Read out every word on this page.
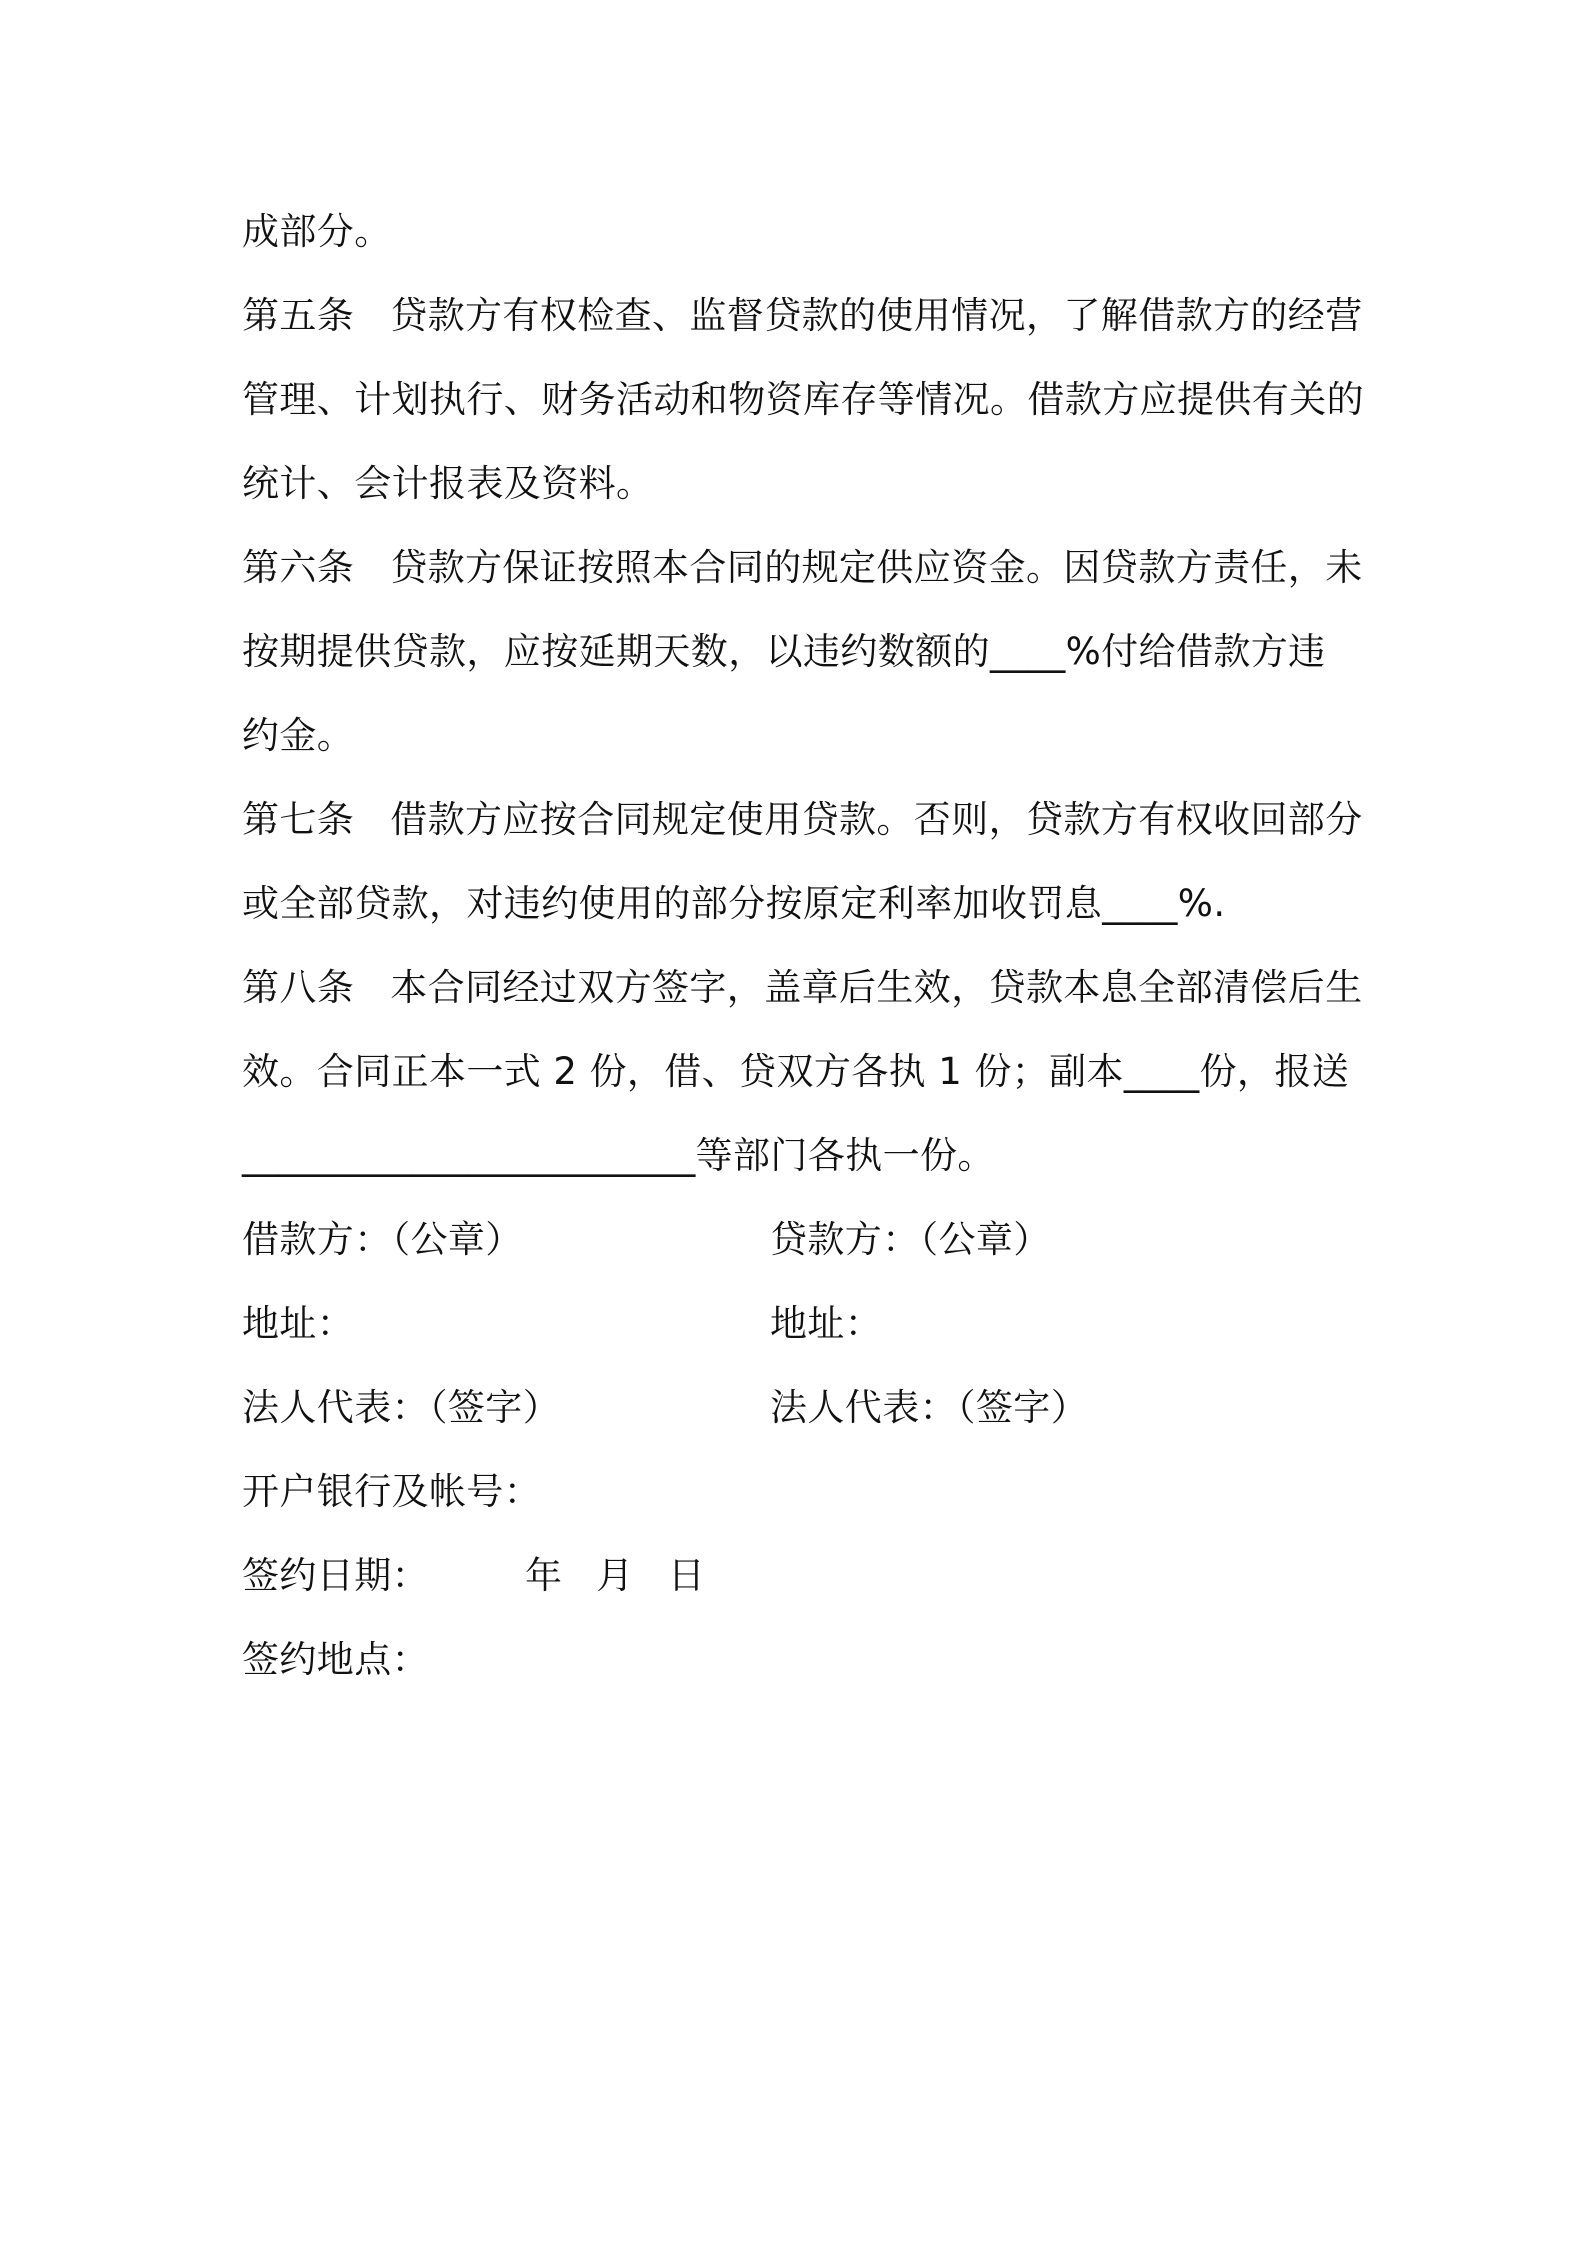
成部分。
第五条 贷款方有权检查、监督贷款的使用情况，了解借款方的经营
管理、计划执行、财务活动和物资库存等情况。借款方应提供有关的
统计、会计报表及资料。
第六条 贷款方保证按照本合同的规定供应资金。因贷款方责任，未
按期提供贷款，应按延期天数，以违约数额的____%付给借款方违
约金。
第七条 借款方应按合同规定使用贷款。否则，贷款方有权收回部分
或全部贷款，对违约使用的部分按原定利率加收罚息____%.
第八条 本合同经过双方签字，盖章后生效，贷款本息全部清偿后生
效。合同正本一式 2 份，借、贷双方各执 1 份；副本____份，报送
________________________等部门各执一份。
借款方：（公章）	贷款方：（公章）
地址：	地址：
法人代表：（签字）	法人代表：（签字）
开户银行及帐号：
签约日期：	年 月 日
签约地点：
